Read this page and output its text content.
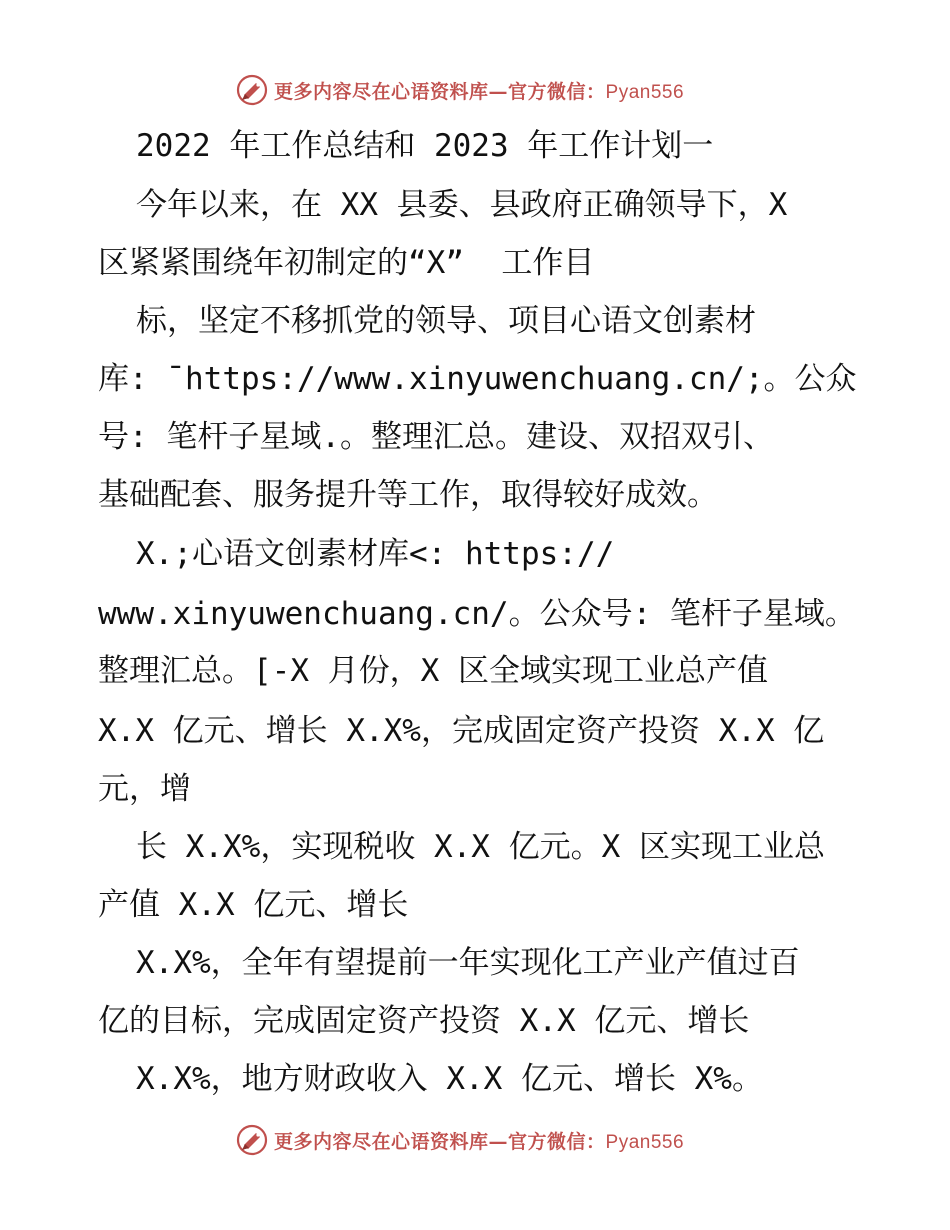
更多内容尽在心语资料库—官方微信：Pyan556
2022 年工作总结和 2023 年工作计划一
今年以来，在 XX 县委、县政府正确领导下，X
区紧紧围绕年初制定的“X”  工作目
标，坚定不移抓党的领导、项目心语文创素材
库: ¯https://www.xinyuwenchuang.cn/;。公众
号: 笔杆子星域.。整理汇总。建设、双招双引、
基础配套、服务提升等工作，取得较好成效。
X.;心语文创素材库<: https://
www.xinyuwenchuang.cn/。公众号: 笔杆子星域。
整理汇总。[-X 月份，X 区全域实现工业总产值
X.X 亿元、增长 X.X%，完成固定资产投资 X.X 亿
元，增
长 X.X%，实现税收 X.X 亿元。X 区实现工业总
产值 X.X 亿元、增长
X.X%，全年有望提前一年实现化工产业产值过百
亿的目标，完成固定资产投资 X.X 亿元、增长
X.X%，地方财政收入 X.X 亿元、增长 X%。
更多内容尽在心语资料库—官方微信：Pyan556
